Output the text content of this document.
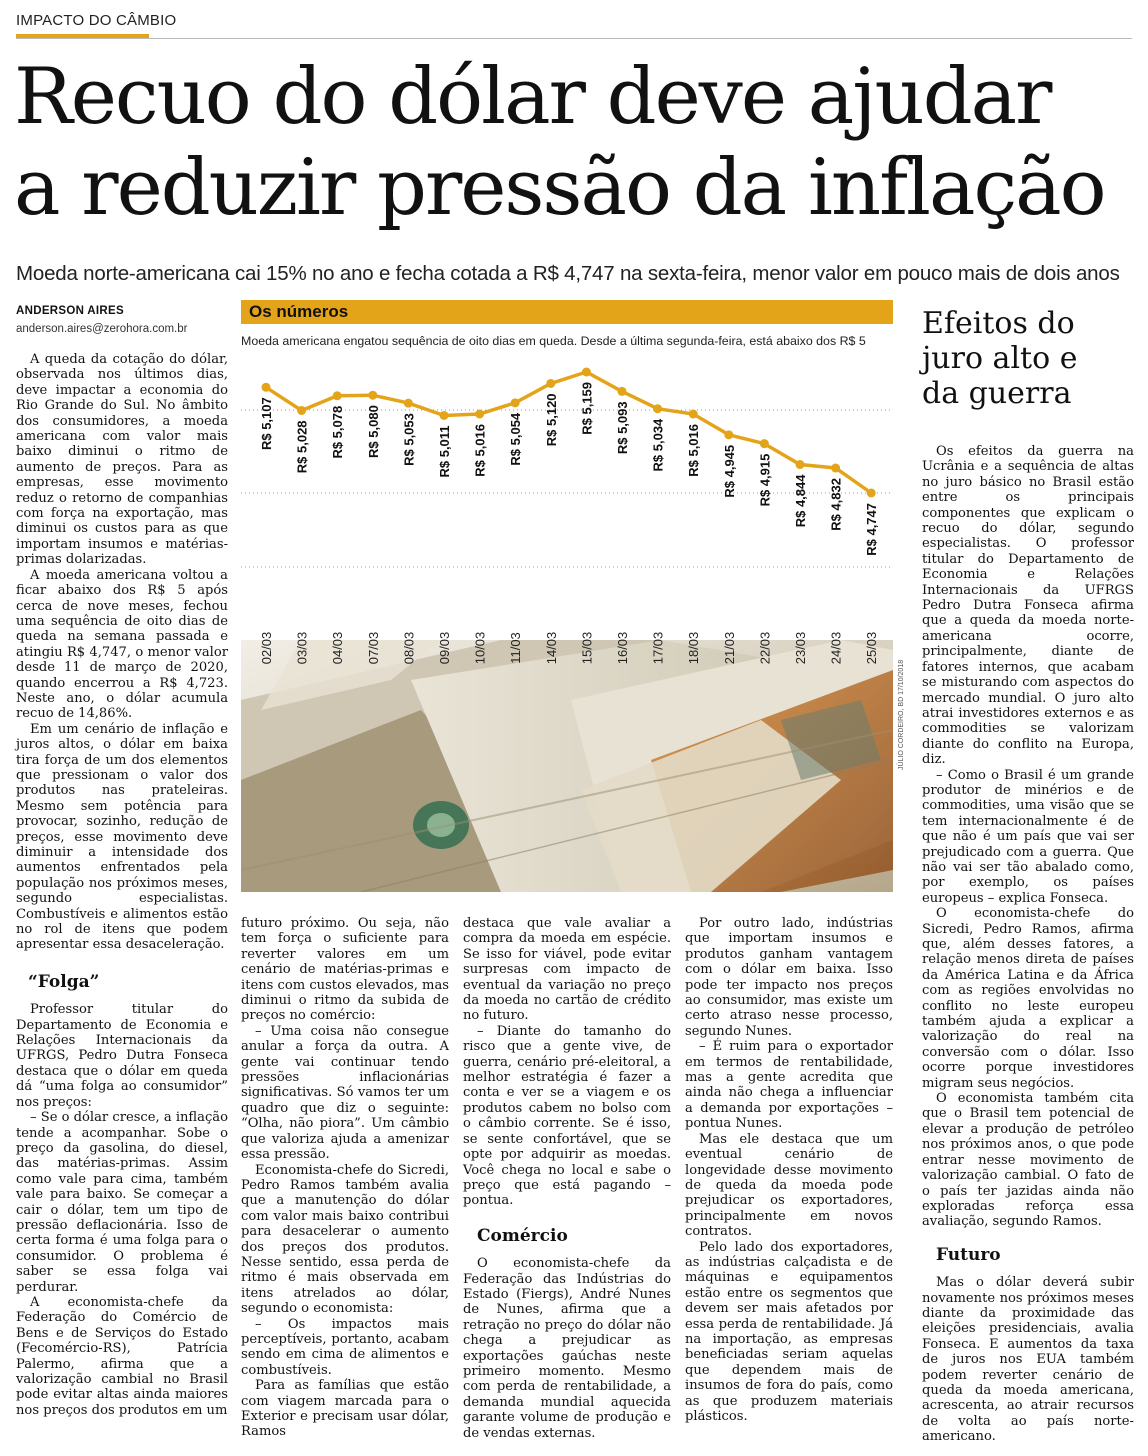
IMPACTO DO CÂMBIO
Recuo do dólar deve ajudar
a reduzir pressão da inflação
Moeda norte-americana cai 15% no ano e fecha cotada a R$ 4,747 na sexta-feira, menor valor em pouco mais de dois anos
ANDERSON AIRES
anderson.aires@zerohora.com.br

A queda da cotação do dólar, observada nos últimos dias, deve impactar a economia do Rio Grande do Sul. No âmbito dos consumidores, a moeda americana com valor mais baixo diminui o ritmo de aumento de preços. Para as empresas, esse movimento reduz o retorno de companhias com força na exportação, mas diminui os custos para as que importam insumos e matérias-primas dolarizadas.

A moeda americana voltou a ficar abaixo dos R$ 5 após cerca de nove meses, fechou uma sequência de oito dias de queda na semana passada e atingiu R$ 4,747, o menor valor desde 11 de março de 2020, quando encerrou a R$ 4,723. Neste ano, o dólar acumula recuo de 14,86%.

Em um cenário de inflação e juros altos, o dólar em baixa tira força de um dos elementos que pressionam o valor dos produtos nas prateleiras. Mesmo sem potência para provocar, sozinho, redução de preços, esse movimento deve diminuir a intensidade dos aumentos enfrentados pela população nos próximos meses, segundo especialistas. Combustíveis e alimentos estão no rol de itens que podem apresentar essa desaceleração.

“Folga”

Professor titular do Departamento de Economia e Relações Internacionais da UFRGS, Pedro Dutra Fonseca destaca que o dólar em queda dá “uma folga ao consumidor” nos preços:

– Se o dólar cresce, a inflação tende a acompanhar. Sobe o preço da gasolina, do diesel, das matérias-primas. Assim como vale para cima, também vale para baixo. Se começar a cair o dólar, tem um tipo de pressão deflacionária. Isso de certa forma é uma folga para o consumidor. O problema é saber se essa folga vai perdurar.

A economista-chefe da Federação do Comércio de Bens e de Serviços do Estado (Fecomércio-RS), Patrícia Palermo, afirma que a valorização cambial no Brasil pode evitar altas ainda maiores nos preços dos produtos em um

Os números
Moeda americana engatou sequência de oito dias em queda. Desde a última segunda-feira, está abaixo dos R$ 5
JÚLIO CORDEIRO, BD 17/10/2018
R$ 5,107 R$ 5,028 R$ 5,078 R$ 5,080 R$ 5,053 R$ 5,011 R$ 5,016 R$ 5,054 R$ 5,120 R$ 5,159 R$ 5,093 R$ 5,034 R$ 5,016 R$ 4,945 R$ 4,915 R$ 4,844 R$ 4,832 R$ 4,747
02/03 03/03 04/03 07/03 08/03 09/03 10/03 11/03 14/03 15/03 16/03 17/03 18/03 21/03 22/03 23/03 24/03 25/03

futuro próximo. Ou seja, não tem força o suficiente para reverter valores em um cenário de matérias-primas e itens com custos elevados, mas diminui o ritmo da subida de preços no comércio:

– Uma coisa não consegue anular a força da outra. A gente vai continuar tendo pressões inflacionárias significativas. Só vamos ter um quadro que diz o seguinte: “Olha, não piora”. Um câmbio que valoriza ajuda a amenizar essa pressão.

Economista-chefe do Sicredi, Pedro Ramos também avalia que a manutenção do dólar com valor mais baixo contribui para desacelerar o aumento dos preços dos produtos. Nesse sentido, essa perda de ritmo é mais observada em itens atrelados ao dólar, segundo o economista:

– Os impactos mais perceptíveis, portanto, acabam sendo em cima de alimentos e combustíveis.

Para as famílias que estão com viagem marcada para o Exterior e precisam usar dólar, Ramos

destaca que vale avaliar a compra da moeda em espécie. Se isso for viável, pode evitar surpresas com impacto de eventual da variação no preço da moeda no cartão de crédito no futuro.

– Diante do tamanho do risco que a gente vive, de guerra, cenário pré-eleitoral, a melhor estratégia é fazer a conta e ver se a viagem e os produtos cabem no bolso com o câmbio corrente. Se é isso, se sente confortável, que se opte por adquirir as moedas. Você chega no local e sabe o preço que está pagando – pontua.

Comércio

O economista-chefe da Federação das Indústrias do Estado (Fiergs), André Nunes de Nunes, afirma que a retração no preço do dólar não chega a prejudicar as exportações gaúchas neste primeiro momento. Mesmo com perda de rentabilidade, a demanda mundial aquecida garante volume de produção e de vendas externas.

Por outro lado, indústrias que importam insumos e produtos ganham vantagem com o dólar em baixa. Isso pode ter impacto nos preços ao consumidor, mas existe um certo atraso nesse processo, segundo Nunes.

– É ruim para o exportador em termos de rentabilidade, mas a gente acredita que ainda não chega a influenciar a demanda por exportações – pontua Nunes.

Mas ele destaca que um eventual cenário de longevidade desse movimento de queda da moeda pode prejudicar os exportadores, principalmente em novos contratos.

Pelo lado dos exportadores, as indústrias calçadista e de máquinas e equipamentos estão entre os segmentos que devem ser mais afetados por essa perda de rentabilidade. Já na importação, as empresas beneficiadas seriam aquelas que dependem mais de insumos de fora do país, como as que produzem materiais plásticos.

Efeitos do
juro alto e
da guerra

Os efeitos da guerra na Ucrânia e a sequência de altas no juro básico no Brasil estão entre os principais componentes que explicam o recuo do dólar, segundo especialistas. O professor titular do Departamento de Economia e Relações Internacionais da UFRGS Pedro Dutra Fonseca afirma que a queda da moeda norte-americana ocorre, principalmente, diante de fatores internos, que acabam se misturando com aspectos do mercado mundial. O juro alto atrai investidores externos e as commodities se valorizam diante do conflito na Europa, diz.

– Como o Brasil é um grande produtor de minérios e de commodities, uma visão que se tem internacionalmente é de que não é um país que vai ser prejudicado com a guerra. Que não vai ser tão abalado como, por exemplo, os países europeus – explica Fonseca.

O economista-chefe do Sicredi, Pedro Ramos, afirma que, além desses fatores, a relação menos direta de países da América Latina e da África com as regiões envolvidas no conflito no leste europeu também ajuda a explicar a valorização do real na conversão com o dólar. Isso ocorre porque investidores migram seus negócios.

O economista também cita que o Brasil tem potencial de elevar a produção de petróleo nos próximos anos, o que pode entrar nesse movimento de valorização cambial. O fato de o país ter jazidas ainda não exploradas reforça essa avaliação, segundo Ramos.

Futuro

Mas o dólar deverá subir novamente nos próximos meses diante da proximidade das eleições presidenciais, avalia Fonseca. E aumentos da taxa de juros nos EUA também podem reverter cenário de queda da moeda americana, acrescenta, ao atrair recursos de volta ao país norte-americano.
